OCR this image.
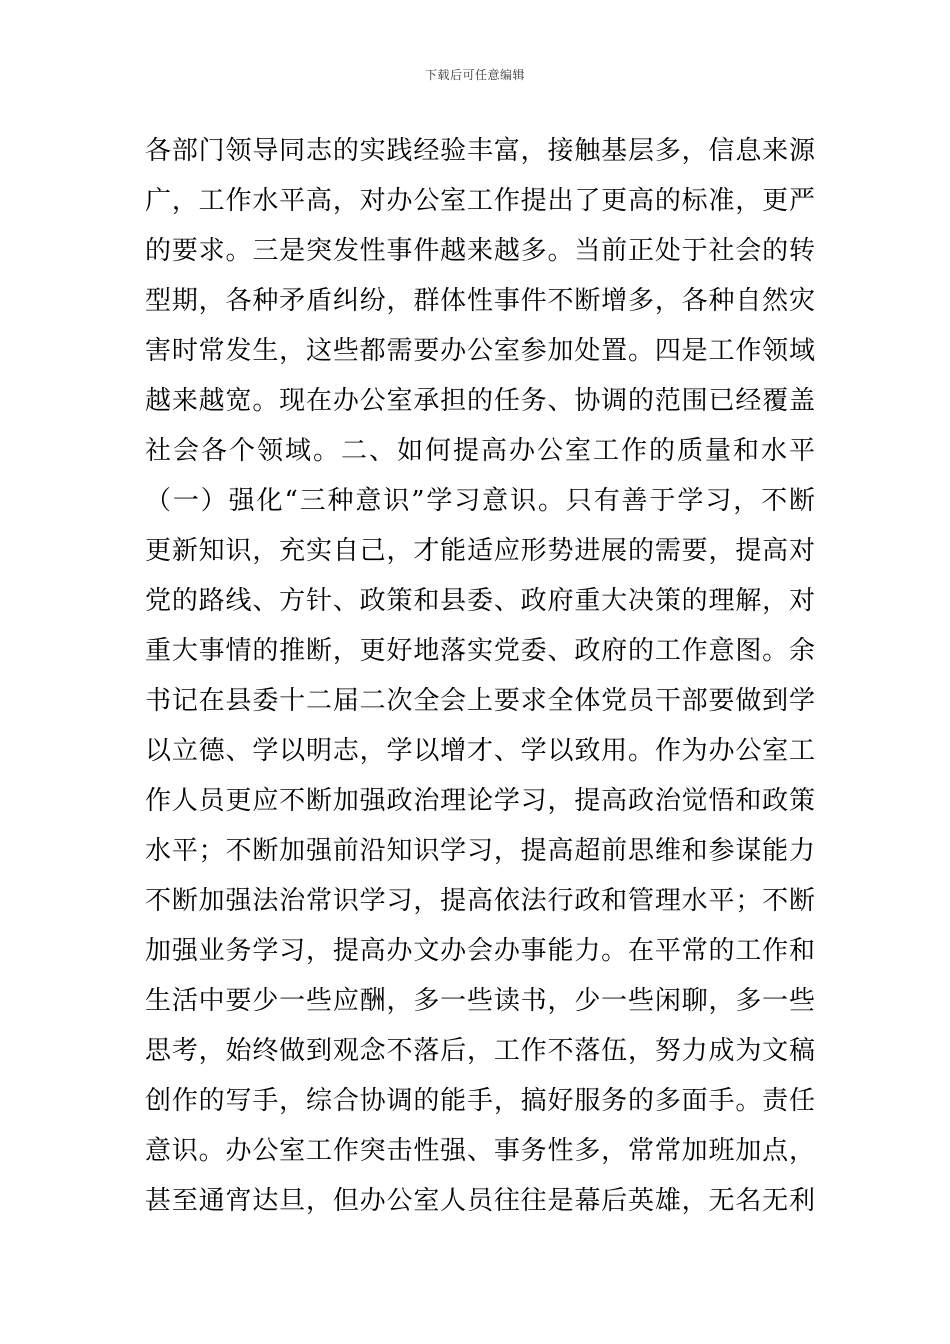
下载后可任意编辑
各部门领导同志的实践经验丰富，接触基层多，信息来源
广，工作水平高，对办公室工作提出了更高的标准，更严
的要求。三是突发性事件越来越多。当前正处于社会的转
型期，各种矛盾纠纷，群体性事件不断增多，各种自然灾
害时常发生，这些都需要办公室参加处置。四是工作领域
越来越宽。现在办公室承担的任务、协调的范围已经覆盖
社会各个领域。二、如何提高办公室工作的质量和水平
（一）强化“三种意识”学习意识。只有善于学习，不断
更新知识，充实自己，才能适应形势进展的需要，提高对
党的路线、方针、政策和县委、政府重大决策的理解，对
重大事情的推断，更好地落实党委、政府的工作意图。余
书记在县委十二届二次全会上要求全体党员干部要做到学
以立德、学以明志，学以增才、学以致用。作为办公室工
作人员更应不断加强政治理论学习，提高政治觉悟和政策
水平；不断加强前沿知识学习，提高超前思维和参谋能力
不断加强法治常识学习，提高依法行政和管理水平；不断
加强业务学习，提高办文办会办事能力。在平常的工作和
生活中要少一些应酬，多一些读书，少一些闲聊，多一些
思考，始终做到观念不落后，工作不落伍，努力成为文稿
创作的写手，综合协调的能手，搞好服务的多面手。责任
意识。办公室工作突击性强、事务性多，常常加班加点，
甚至通宵达旦，但办公室人员往往是幕后英雄，无名无利
